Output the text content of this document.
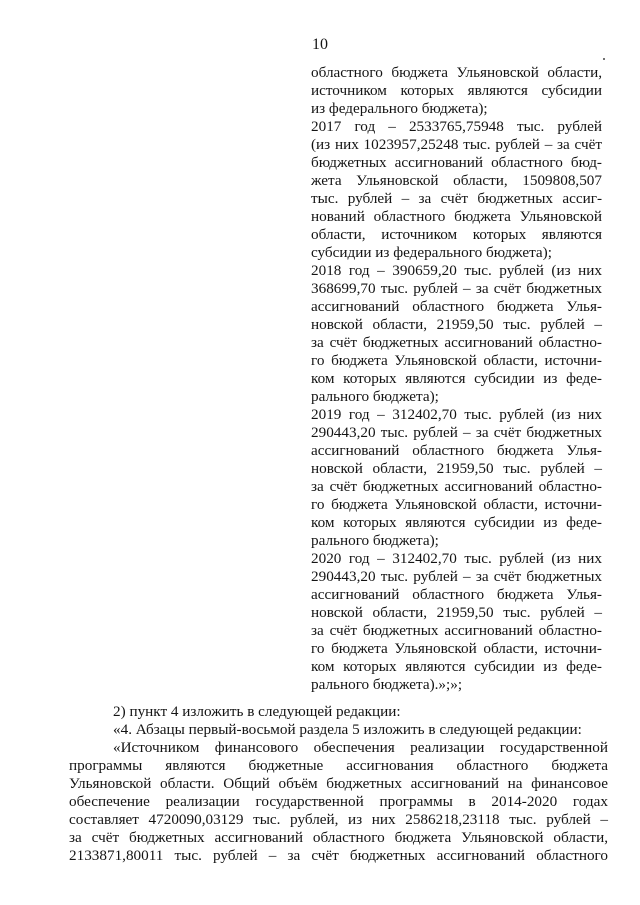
10
областного бюджета Ульяновской области,
источником которых являются субсидии
из федерального бюджета);
2017 год – 2533765,75948 тыс. рублей
(из них 1023957,25248 тыс. рублей – за счёт
бюджетных ассигнований областного бюд-
жета Ульяновской области, 1509808,507
тыс. рублей – за счёт бюджетных ассиг-
нований областного бюджета Ульяновской
области, источником которых являются
субсидии из федерального бюджета);
2018 год – 390659,20 тыс. рублей (из них
368699,70 тыс. рублей – за счёт бюджетных
ассигнований областного бюджета Улья-
новской области, 21959,50 тыс. рублей –
за счёт бюджетных ассигнований областно-
го бюджета Ульяновской области, источни-
ком которых являются субсидии из феде-
рального бюджета);
2019 год – 312402,70 тыс. рублей (из них
290443,20 тыс. рублей – за счёт бюджетных
ассигнований областного бюджета Улья-
новской области, 21959,50 тыс. рублей –
за счёт бюджетных ассигнований областно-
го бюджета Ульяновской области, источни-
ком которых являются субсидии из феде-
рального бюджета);
2020 год – 312402,70 тыс. рублей (из них
290443,20 тыс. рублей – за счёт бюджетных
ассигнований областного бюджета Улья-
новской области, 21959,50 тыс. рублей –
за счёт бюджетных ассигнований областно-
го бюджета Ульяновской области, источни-
ком которых являются субсидии из феде-
рального бюджета).»;»;
2) пункт 4 изложить в следующей редакции:
«4. Абзацы первый-восьмой раздела 5 изложить в следующей редакции:
«Источником финансового обеспечения реализации государственной
программы являются бюджетные ассигнования областного бюджета
Ульяновской области. Общий объём бюджетных ассигнований на финансовое
обеспечение реализации государственной программы в 2014-2020 годах
составляет 4720090,03129 тыс. рублей, из них 2586218,23118 тыс. рублей –
за счёт бюджетных ассигнований областного бюджета Ульяновской области,
2133871,80011 тыс. рублей – за счёт бюджетных ассигнований областного
